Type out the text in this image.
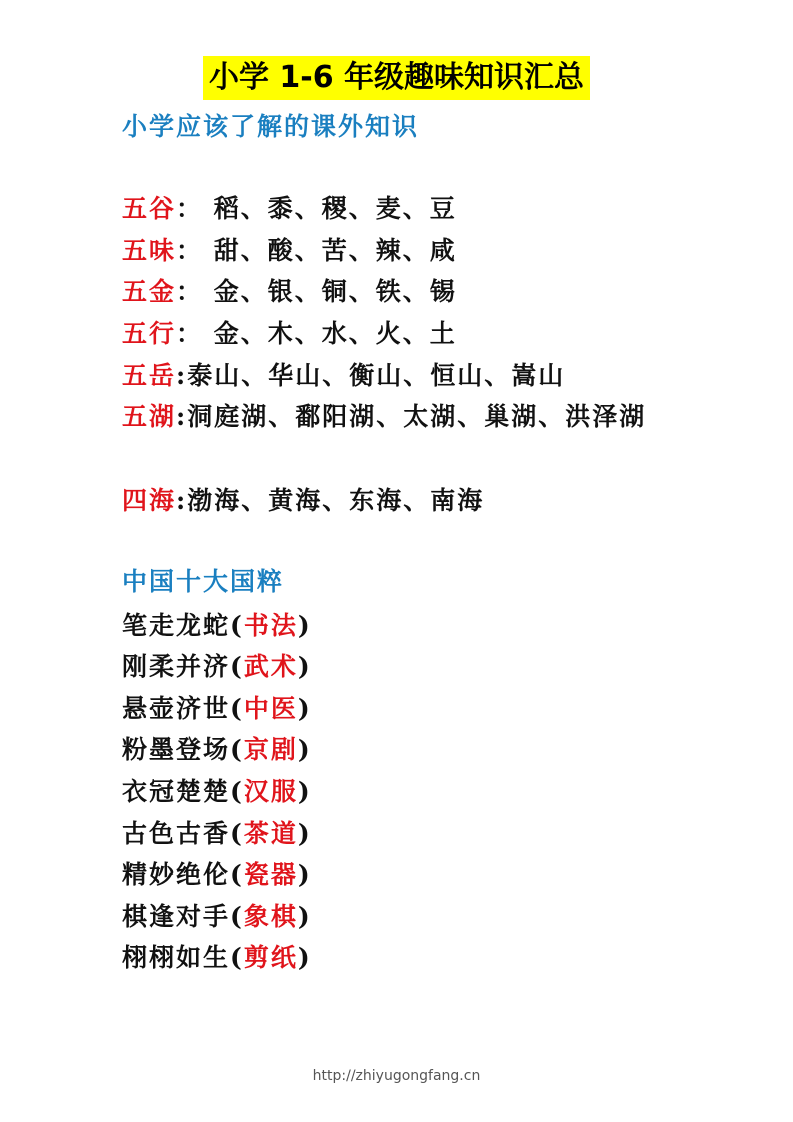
小学 1-6 年级趣味知识汇总
小学应该了解的课外知识
五谷： 稻、黍、稷、麦、豆
五味： 甜、酸、苦、辣、咸
五金： 金、银、铜、铁、锡
五行： 金、木、水、火、土
五岳:泰山、华山、衡山、恒山、嵩山
五湖:洞庭湖、鄱阳湖、太湖、巢湖、洪泽湖
四海:渤海、黄海、东海、南海
中国十大国粹
笔走龙蛇(书法)
刚柔并济(武术)
悬壶济世(中医)
粉墨登场(京剧)
衣冠楚楚(汉服)
古色古香(茶道)
精妙绝伦(瓷器)
棋逢对手(象棋)
栩栩如生(剪纸)
http://zhiyugongfang.cn
